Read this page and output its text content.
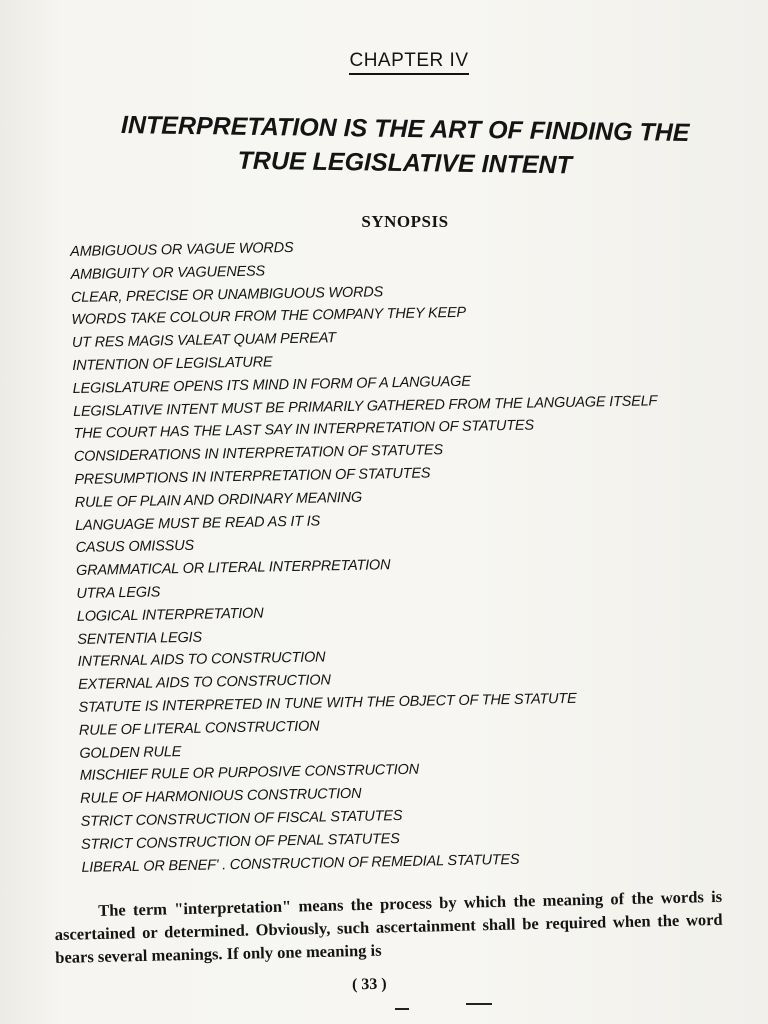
CHAPTER IV
INTERPRETATION IS THE ART OF FINDING THE
TRUE LEGISLATIVE INTENT
SYNOPSIS
AMBIGUOUS OR VAGUE WORDS
AMBIGUITY OR VAGUENESS
CLEAR, PRECISE OR UNAMBIGUOUS WORDS
WORDS TAKE COLOUR FROM THE COMPANY THEY KEEP
UT RES MAGIS VALEAT QUAM PEREAT
INTENTION OF LEGISLATURE
LEGISLATURE OPENS ITS MIND IN FORM OF A LANGUAGE
LEGISLATIVE INTENT MUST BE PRIMARILY GATHERED FROM THE LANGUAGE ITSELF
THE COURT HAS THE LAST SAY IN INTERPRETATION OF STATUTES
CONSIDERATIONS IN INTERPRETATION OF STATUTES
PRESUMPTIONS IN INTERPRETATION OF STATUTES
RULE OF PLAIN AND ORDINARY MEANING
LANGUAGE MUST BE READ AS IT IS
CASUS OMISSUS
GRAMMATICAL OR LITERAL INTERPRETATION
UTRA LEGIS
LOGICAL INTERPRETATION
SENTENTIA LEGIS
INTERNAL AIDS TO CONSTRUCTION
EXTERNAL AIDS TO CONSTRUCTION
STATUTE IS INTERPRETED IN TUNE WITH THE OBJECT OF THE STATUTE
RULE OF LITERAL CONSTRUCTION
GOLDEN RULE
MISCHIEF RULE OR PURPOSIVE CONSTRUCTION
RULE OF HARMONIOUS CONSTRUCTION
STRICT CONSTRUCTION OF FISCAL STATUTES
STRICT CONSTRUCTION OF PENAL STATUTES
LIBERAL OR BENEF' . CONSTRUCTION OF REMEDIAL STATUTES

The term "interpretation" means the process by which the meaning of the words is ascertained or determined. Obviously, such ascertainment shall be required when the word bears several meanings. If only one meaning is

( 33 )
